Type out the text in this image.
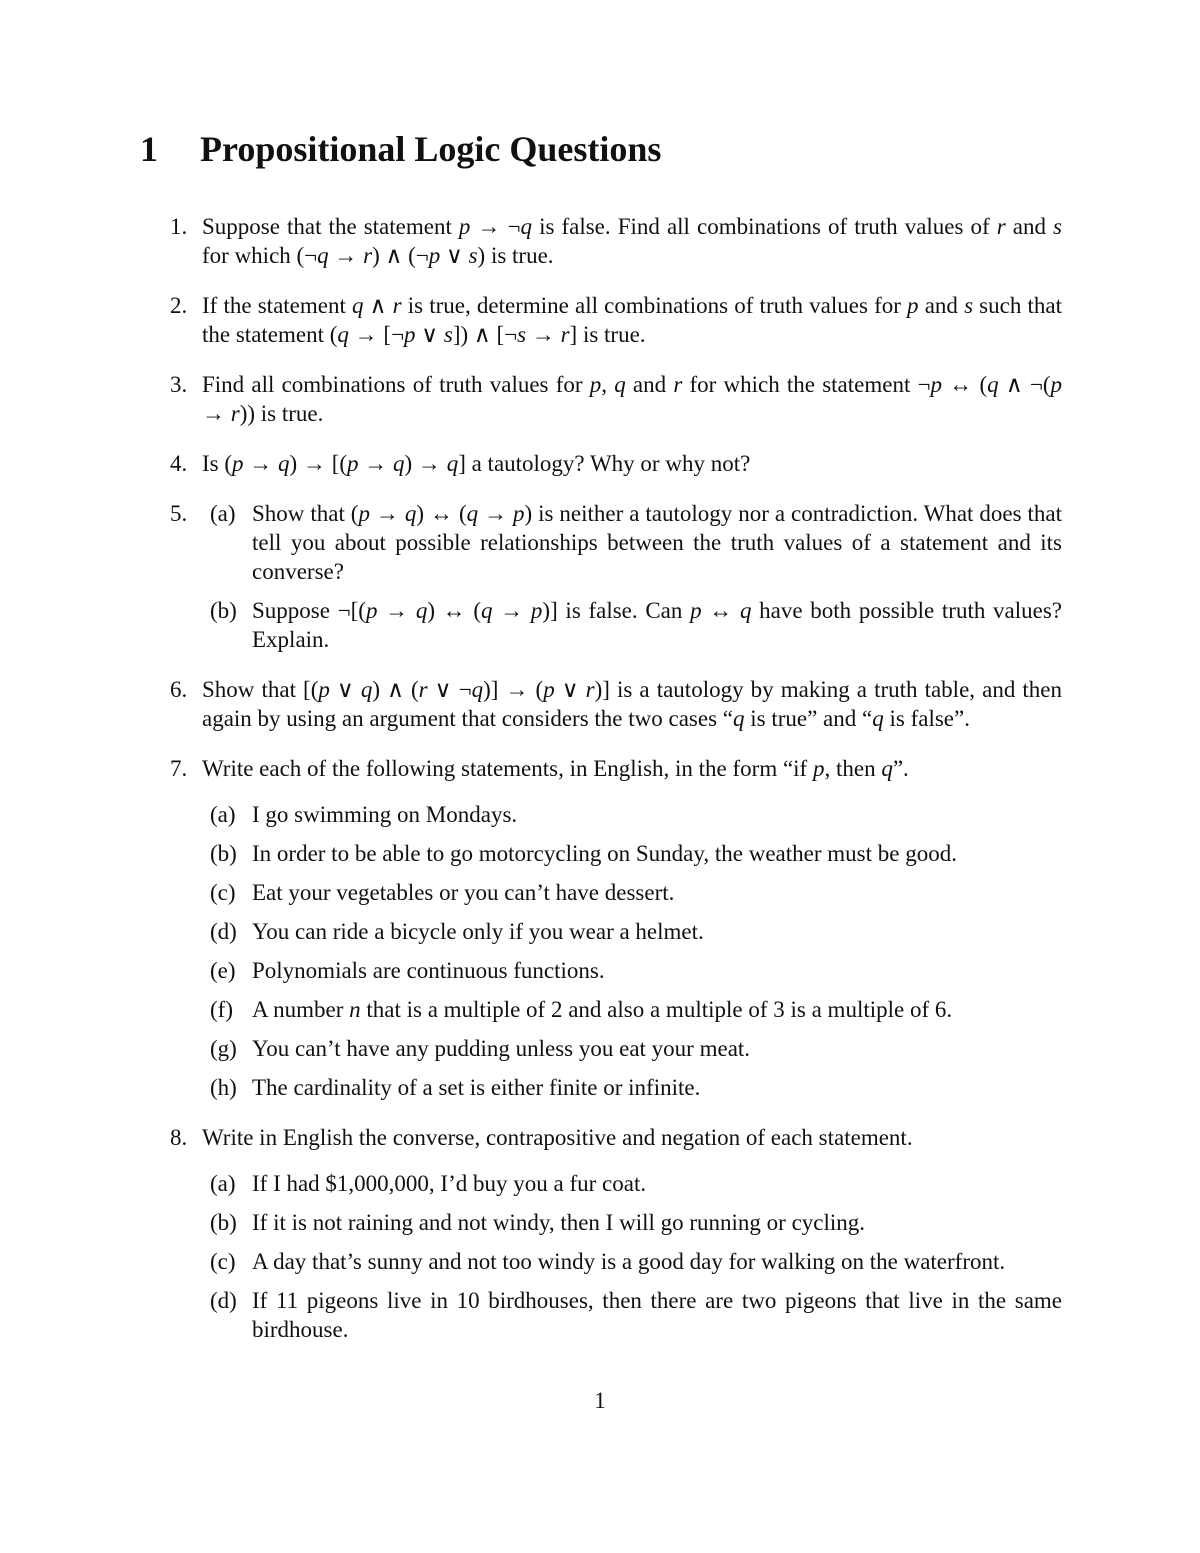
1	Propositional Logic Questions
1. Suppose that the statement p → ¬q is false. Find all combinations of truth values of r and s for which (¬q → r) ∧ (¬p ∨ s) is true.
2. If the statement q ∧ r is true, determine all combinations of truth values for p and s such that the statement (q → [¬p ∨ s]) ∧ [¬s → r] is true.
3. Find all combinations of truth values for p, q and r for which the statement ¬p ↔ (q ∧ ¬(p → r)) is true.
4. Is (p → q) → [(p → q) → q] a tautology? Why or why not?
5. (a) Show that (p → q) ↔ (q → p) is neither a tautology nor a contradiction. What does that tell you about possible relationships between the truth values of a statement and its converse?
(b) Suppose ¬[(p → q) ↔ (q → p)] is false. Can p ↔ q have both possible truth values? Explain.
6. Show that [(p ∨ q) ∧ (r ∨ ¬q)] → (p ∨ r)] is a tautology by making a truth table, and then again by using an argument that considers the two cases “q is true” and “q is false”.
7. Write each of the following statements, in English, in the form “if p, then q”.
(a) I go swimming on Mondays.
(b) In order to be able to go motorcycling on Sunday, the weather must be good.
(c) Eat your vegetables or you can’t have dessert.
(d) You can ride a bicycle only if you wear a helmet.
(e) Polynomials are continuous functions.
(f) A number n that is a multiple of 2 and also a multiple of 3 is a multiple of 6.
(g) You can’t have any pudding unless you eat your meat.
(h) The cardinality of a set is either finite or infinite.
8. Write in English the converse, contrapositive and negation of each statement.
(a) If I had $1,000,000, I’d buy you a fur coat.
(b) If it is not raining and not windy, then I will go running or cycling.
(c) A day that’s sunny and not too windy is a good day for walking on the waterfront.
(d) If 11 pigeons live in 10 birdhouses, then there are two pigeons that live in the same birdhouse.
1
